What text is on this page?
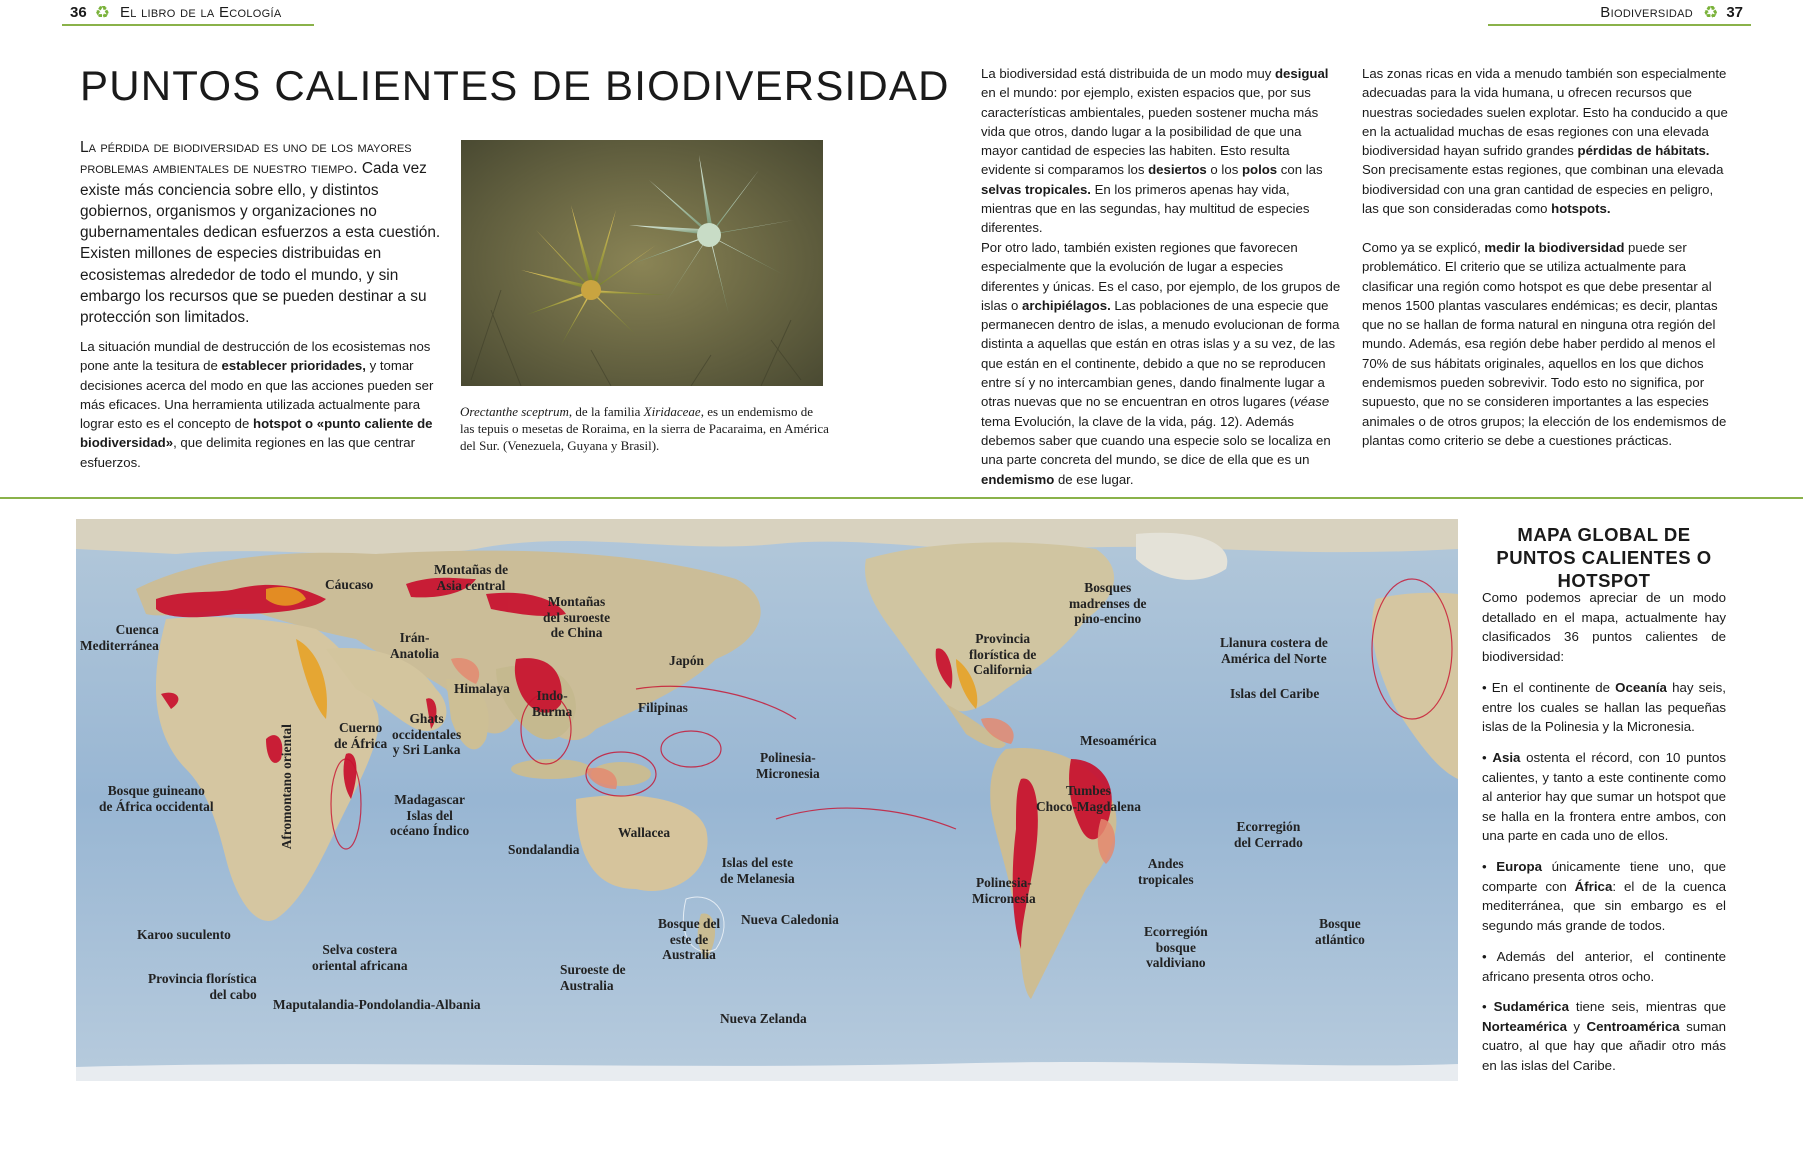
36 ♻ El libro de la Ecología	Biodiversidad ♻ 37
PUNTOS CALIENTES DE BIODIVERSIDAD

La pérdida de biodiversidad es uno de los mayores problemas ambientales de nuestro tiempo. Cada vez existe más conciencia sobre ello, y distintos gobiernos, organismos y organizaciones no gubernamentales dedican esfuerzos a esta cuestión. Existen millones de especies distribuidas en ecosistemas alrededor de todo el mundo, y sin embargo los recursos que se pueden destinar a su protección son limitados.

La situación mundial de destrucción de los ecosistemas nos pone ante la tesitura de establecer prioridades, y tomar decisiones acerca del modo en que las acciones pueden ser más eficaces. Una herramienta utilizada actualmente para lograr esto es el concepto de hotspot o «punto caliente de biodiversidad», que delimita regiones en las que centrar esfuerzos.

Orectanthe sceptrum, de la familia Xiridaceae, es un endemismo de las tepuis o mesetas de Roraima, en la sierra de Pacaraima, en América del Sur. (Venezuela, Guyana y Brasil).

La biodiversidad está distribuida de un modo muy desigual en el mundo: por ejemplo, existen espacios que, por sus características ambientales, pueden sostener mucha más vida que otros, dando lugar a la posibilidad de que una mayor cantidad de especies las habiten. Esto resulta evidente si comparamos los desiertos o los polos con las selvas tropicales. En los primeros apenas hay vida, mientras que en las segundas, hay multitud de especies diferentes.

Por otro lado, también existen regiones que favorecen especialmente que la evolución de lugar a especies diferentes y únicas. Es el caso, por ejemplo, de los grupos de islas o archipiélagos. Las poblaciones de una especie que permanecen dentro de islas, a menudo evolucionan de forma distinta a aquellas que están en otras islas y a su vez, de las que están en el continente, debido a que no se reproducen entre sí y no intercambian genes, dando finalmente lugar a otras nuevas que no se encuentran en otros lugares (véase tema Evolución, la clave de la vida, pág. 12). Además debemos saber que cuando una especie solo se localiza en una parte concreta del mundo, se dice de ella que es un endemismo de ese lugar.

Las zonas ricas en vida a menudo también son especialmente adecuadas para la vida humana, u ofrecen recursos que nuestras sociedades suelen explotar. Esto ha conducido a que en la actualidad muchas de esas regiones con una elevada biodiversidad hayan sufrido grandes pérdidas de hábitats. Son precisamente estas regiones, que combinan una elevada biodiversidad con una gran cantidad de especies en peligro, las que son consideradas como hotspots.

Como ya se explicó, medir la biodiversidad puede ser problemático. El criterio que se utiliza actualmente para clasificar una región como hotspot es que debe presentar al menos 1500 plantas vasculares endémicas; es decir, plantas que no se hallan de forma natural en ninguna otra región del mundo. Además, esa región debe haber perdido al menos el 70% de sus hábitats originales, aquellos en los que dichos endemismos pueden sobrevivir. Todo esto no significa, por supuesto, que no se consideren importantes a las especies animales o de otros grupos; la elección de los endemismos de plantas como criterio se debe a cuestiones prácticas.

Cuenca
Mediterránea
Cáucaso
Montañas de
Asia central
Montañas
del suroeste
de China
Irán-
Anatolia
Himalaya	Indo-
Burma
Japón
Filipinas
Ghats
occidentales
y Sri Lanka
Cuerno
de África
Afromontano oriental
Bosque guineano
de África occidental	Madagascar
Islas del
océano Índico
Polinesia-
Micronesia
Wallacea
Sondalandia
Islas del este
de Melanesia
Karoo suculento
Selva costera
oriental africana
Provincia florística
del cabo
Maputalandia-Pondolandia-Albania
Bosque del
este de
Australia
Nueva Caledonia
Suroeste de
Australia
Nueva Zelanda
Bosques
madrenses de
pino-encino
Provincia
florística de
California
Llanura costera de
América del Norte
Islas del Caribe
Mesoamérica
Tumbes
Choco-Magdalena
Ecorregión
del Cerrado
Andes
tropicales
Polinesia-
Micronesia
Ecorregión
bosque
valdiviano
Bosque
atlántico
MAPA GLOBAL DE PUNTOS CALIENTES O HOTSPOT

Como podemos apreciar de un modo detallado en el mapa, actualmente hay clasificados 36 puntos calientes de biodiversidad:

• En el continente de Oceanía hay seis, entre los cuales se hallan las pequeñas islas de la Polinesia y la Micronesia.

• Asia ostenta el récord, con 10 puntos calientes, y tanto a este continente como al anterior hay que sumar un hotspot que se halla en la frontera entre ambos, con una parte en cada uno de ellos.

• Europa únicamente tiene uno, que comparte con África: el de la cuenca mediterránea, que sin embargo es el segundo más grande de todos.

• Además del anterior, el continente africano presenta otros ocho.

• Sudamérica tiene seis, mientras que Norteamérica y Centroamérica suman cuatro, al que hay que añadir otro más en las islas del Caribe.
